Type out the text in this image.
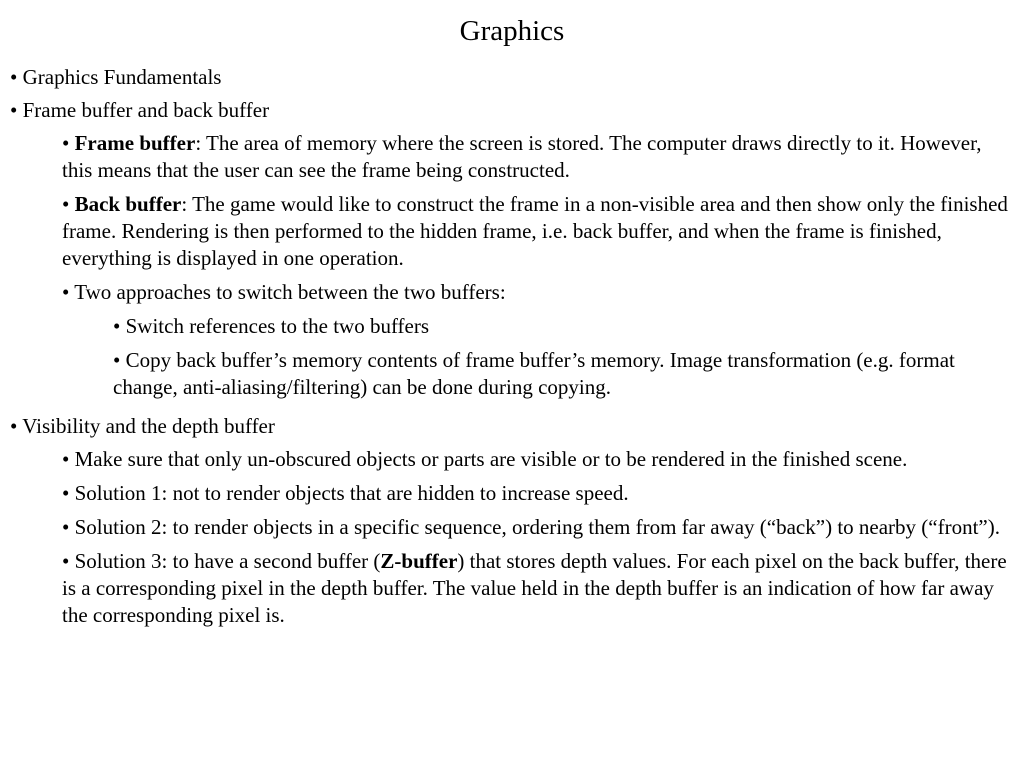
Graphics

• Graphics Fundamentals

• Frame buffer and back buffer

• Frame buffer: The area of memory where the screen is stored. The computer draws directly to it. However, this means that the user can see the frame being constructed.

• Back buffer: The game would like to construct the frame in a non-visible area and then show only the finished frame. Rendering is then performed to the hidden frame, i.e. back buffer, and when the frame is finished, everything is displayed in one operation.

• Two approaches to switch between the two buffers:

• Switch references to the two buffers

• Copy back buffer’s memory contents of frame buffer’s memory. Image transformation (e.g. format change, anti-aliasing/filtering) can be done during copying.

• Visibility and the depth buffer

• Make sure that only un-obscured objects or parts are visible or to be rendered in the finished scene.

• Solution 1: not to render objects that are hidden to increase speed.

• Solution 2: to render objects in a specific sequence, ordering them from far away (“back”) to nearby (“front”).

• Solution 3: to have a second buffer (Z-buffer) that stores depth values. For each pixel on the back buffer, there is a corresponding pixel in the depth buffer. The value held in the depth buffer is an indication of how far away the corresponding pixel is.
